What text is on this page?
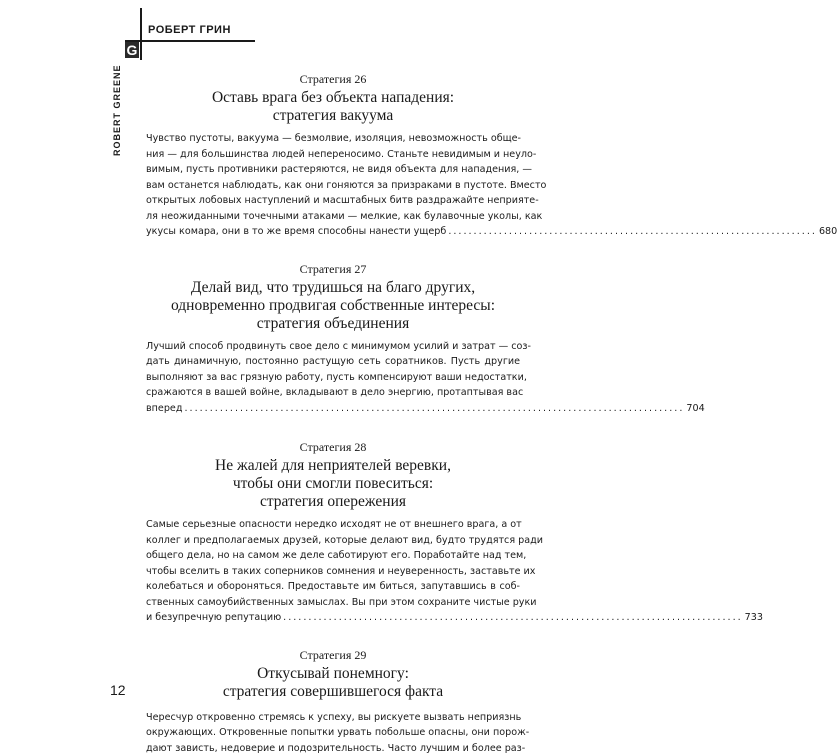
G
РОБЕРТ ГРИН
ROBERT GREENE	Стратегия 26
Оставь врага без объекта нападения:
стратегия вакуума
Чувство пустоты, вакуума — безмолвие, изоляция, невозможность обще-
ния — для большинства людей непереносимо. Станьте невидимым и неуло-
вимым, пусть противники растеряются, не видя объекта для нападения, —
вам останется наблюдать, как они гоняются за призраками в пустоте. Вместо
открытых лобовых наступлений и масштабных битв раздражайте неприяте-
ля неожиданными точечными атаками — мелкие, как булавочные уколы, как
укусы комара, они в то же время способны нанести ущерб ......................................................................... 680
Стратегия 27
Делай вид, что трудишься на благо других,
одновременно продвигая собственные интересы:
стратегия объединения
Лучший способ продвинуть свое дело с минимумом усилий и затрат — соз-
дать динамичную, постоянно растущую сеть соратников. Пусть другие
выполняют за вас грязную работу, пусть компенсируют ваши недостатки,
сражаются в вашей войне, вкладывают в дело энергию, протаптывая вас
вперед ................................................................................................... 704
Стратегия 28
Не жалей для неприятелей веревки,
чтобы они смогли повеситься:
стратегия опережения
Самые серьезные опасности нередко исходят не от внешнего врага, а от
коллег и предполагаемых друзей, которые делают вид, будто трудятся ради
общего дела, но на самом же деле саботируют его. Поработайте над тем,
чтобы вселить в таких соперников сомнения и неуверенность, заставьте их
колебаться и обороняться. Предоставьте им биться, запутавшись в соб-
ственных самоубийственных замыслах. Вы при этом сохраните чистые руки
и безупречную репутацию ........................................................................................... 733
Стратегия 29
Откусывай понемногу:
стратегия совершившегося факта
Чересчур откровенно стремясь к успеху, вы рискуете вызвать неприязнь
окружающих. Откровенные попытки урвать побольше опасны, они порож-
дают зависть, недоверие и подозрительность. Часто лучшим и более раз-
12
